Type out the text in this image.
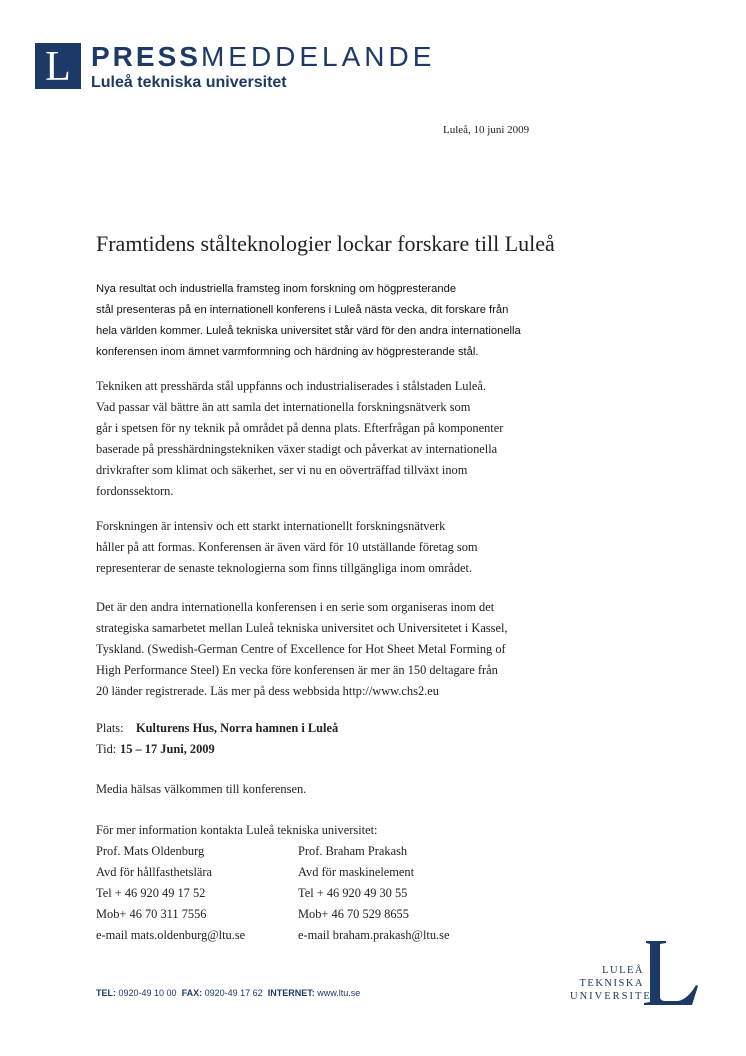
L PRESSMEDDELANDE
Luleå tekniska universitet
Luleå, 10 juni 2009
Framtidens stålteknologier lockar forskare till Luleå
Nya resultat och industriella framsteg inom forskning om högpresterande
stål presenteras på en internationell konferens i Luleå nästa vecka, dit forskare från
hela världen kommer. Luleå tekniska universitet står värd för den andra internationella
konferensen inom ämnet varmformning och härdning av högpresterande stål.
Tekniken att presshärda stål uppfanns och industrialiserades i stålstaden Luleå.
Vad passar väl bättre än att samla det internationella forskningsnätverk som
går i spetsen för ny teknik på området på denna plats. Efterfrågan på komponenter
baserade på presshärdningstekniken växer stadigt och påverkat av internationella
drivkrafter som klimat och säkerhet, ser vi nu en oöverträffad tillväxt inom
fordonssektorn.
Forskningen är intensiv och ett starkt internationellt forskningsnätverk
håller på att formas. Konferensen är även värd för 10 utställande företag som
representerar de senaste teknologierna som finns tillgängliga inom området.
Det är den andra internationella konferensen i en serie som organiseras inom det
strategiska samarbetet mellan Luleå tekniska universitet och Universitetet i Kassel,
Tyskland. (Swedish-German Centre of Excellence for Hot Sheet Metal Forming of
High Performance Steel) En vecka före konferensen är mer än 150 deltagare från
20 länder registrerade. Läs mer på dess webbsida http://www.chs2.eu
Plats: Kulturens Hus, Norra hamnen i Luleå
Tid: 15 – 17 Juni, 2009
Media hälsas välkommen till konferensen.
För mer information kontakta Luleå tekniska universitet:
Prof. Mats Oldenburg
Avd för hållfasthetslära
Tel + 46 920 49 17 52
Mob+ 46 70 311 7556
e-mail mats.oldenburg@ltu.se
Prof. Braham Prakash
Avd för maskinelement
Tel + 46 920 49 30 55
Mob+ 46 70 529 8655
e-mail braham.prakash@ltu.se
TEL: 0920-49 10 00 FAX: 0920-49 17 62 INTERNET: www.ltu.se
LULEÅ
TEKNISKA
UNIVERSITET
